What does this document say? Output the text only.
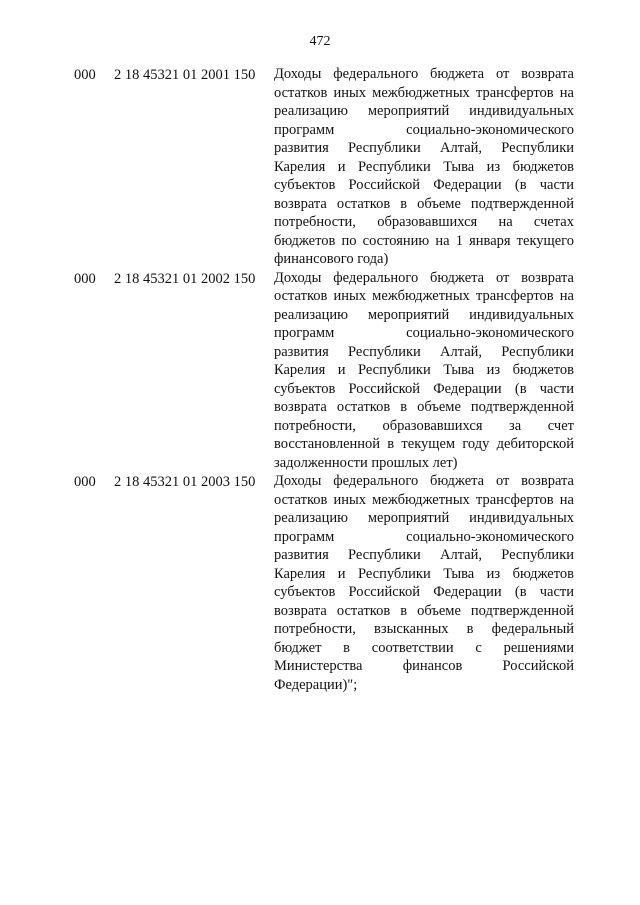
472
000	2 18 45321 01 2001 150	Доходы федерального бюджета от возврата
остатков иных межбюджетных трансфертов на
реализацию мероприятий индивидуальных
программ социально-экономического
развития Республики Алтай, Республики
Карелия и Республики Тыва из бюджетов
субъектов Российской Федерации (в части
возврата остатков в объеме подтвержденной
потребности, образовавшихся на счетах
бюджетов по состоянию на 1 января текущего
финансового года)
000	2 18 45321 01 2002 150	Доходы федерального бюджета от возврата
остатков иных межбюджетных трансфертов на
реализацию мероприятий индивидуальных
программ социально-экономического
развития Республики Алтай, Республики
Карелия и Республики Тыва из бюджетов
субъектов Российской Федерации (в части
возврата остатков в объеме подтвержденной
потребности, образовавшихся за счет
восстановленной в текущем году дебиторской
задолженности прошлых лет)
000	2 18 45321 01 2003 150	Доходы федерального бюджета от возврата
остатков иных межбюджетных трансфертов на
реализацию мероприятий индивидуальных
программ социально-экономического
развития Республики Алтай, Республики
Карелия и Республики Тыва из бюджетов
субъектов Российской Федерации (в части
возврата остатков в объеме подтвержденной
потребности, взысканных в федеральный
бюджет в соответствии с решениями
Министерства финансов Российской
Федерации)";
